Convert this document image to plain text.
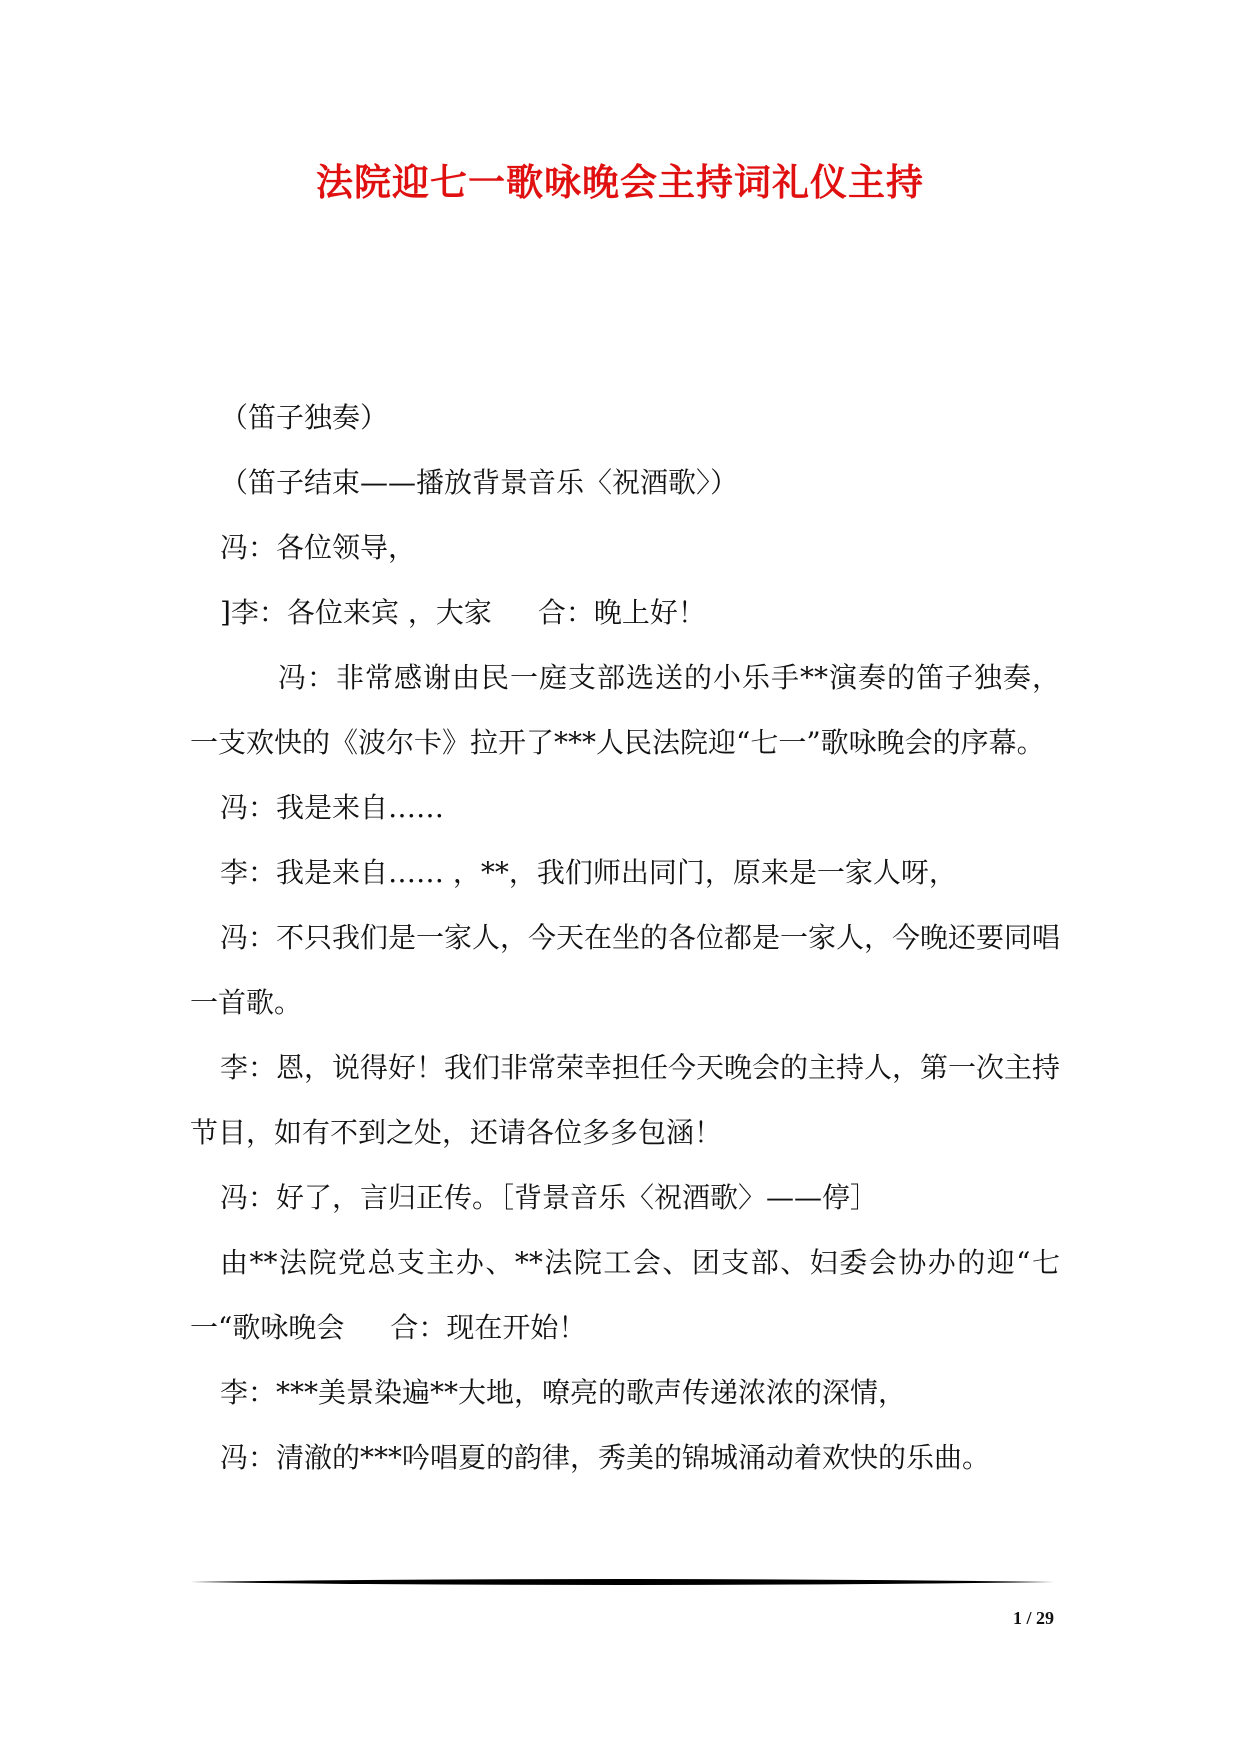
法院迎七一歌咏晚会主持词礼仪主持

（笛子独奏）

（笛子结束——播放背景音乐〈祝酒歌〉）

冯：各位领导，

]李：各位来宾 ，大家 合：晚上好！

冯：非常感谢由民一庭支部选送的小乐手**演奏的笛子独奏，一支欢快的《波尔卡》拉开了***人民法院迎“七一”歌咏晚会的序幕。

冯：我是来自……

李：我是来自…… ，**，我们师出同门，原来是一家人呀，

冯：不只我们是一家人，今天在坐的各位都是一家人，今晚还要同唱一首歌。

李：恩，说得好！我们非常荣幸担任今天晚会的主持人，第一次主持节目，如有不到之处，还请各位多多包涵！

冯：好了，言归正传。［背景音乐〈祝酒歌〉——停］

由**法院党总支主办、**法院工会、团支部、妇委会协办的迎“七一“歌咏晚会 合：现在开始！

李：***美景染遍**大地，嘹亮的歌声传递浓浓的深情，

冯：清澈的***吟唱夏的韵律，秀美的锦城涌动着欢快的乐曲。

1 / 29
